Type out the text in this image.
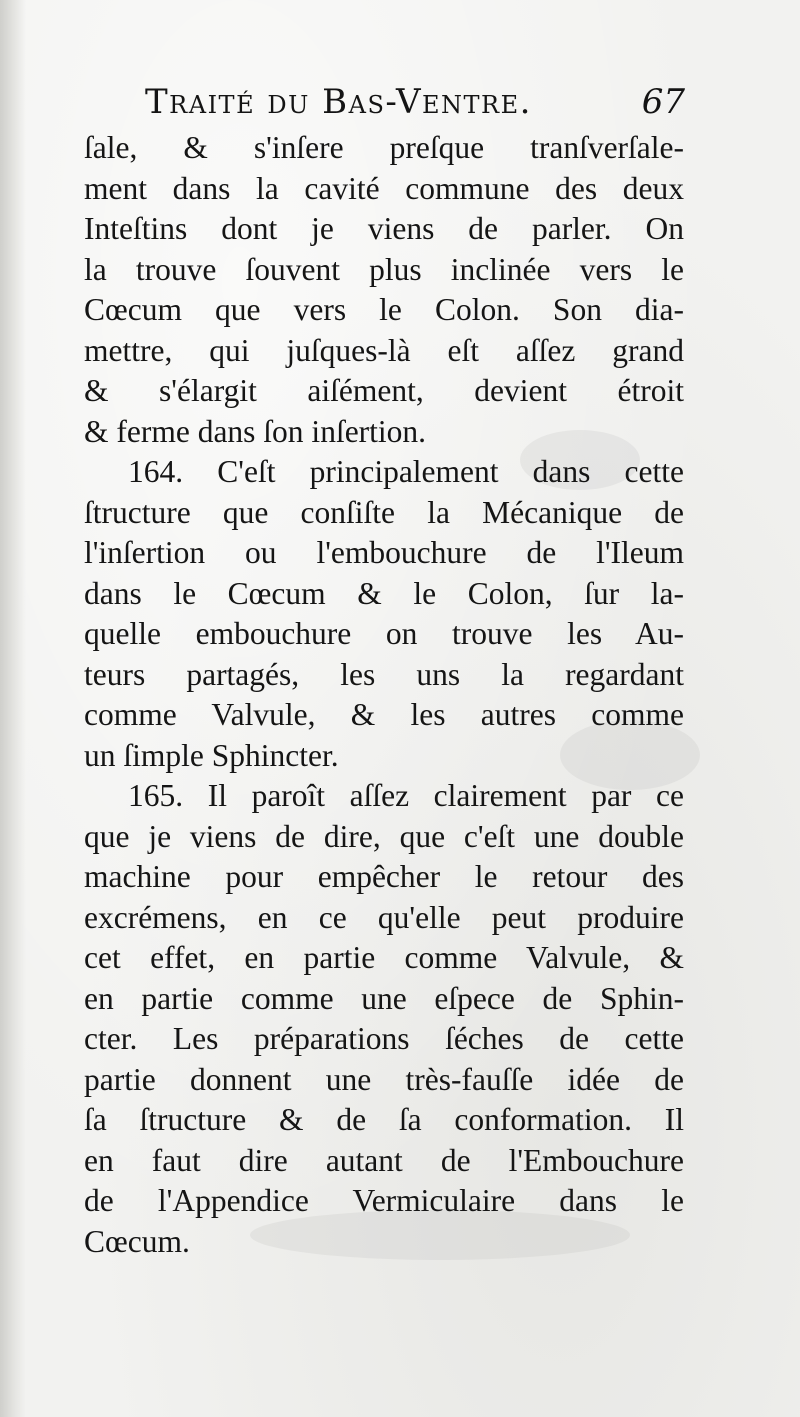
Traité du Bas-Ventre.	67
ſale, & s'inſere preſque tranſverſale-
ment dans la cavité commune des deux
Inteſtins dont je viens de parler. On
la trouve ſouvent plus inclinée vers le
Cœcum que vers le Colon. Son dia-
mettre, qui juſques-là eſt aſſez grand
& s'élargit aiſément, devient étroit
& ferme dans ſon inſertion.
164. C'eſt principalement dans cette
ſtructure que conſiſte la Mécanique de
l'inſertion ou l'embouchure de l'Ileum
dans le Cœcum & le Colon, ſur la-
quelle embouchure on trouve les Au-
teurs partagés, les uns la regardant
comme Valvule, & les autres comme
un ſimple Sphincter.
165. Il paroît aſſez clairement par ce
que je viens de dire, que c'eſt une double
machine pour empêcher le retour des
excrémens, en ce qu'elle peut produire
cet effet, en partie comme Valvule, &
en partie comme une eſpece de Sphin-
cter. Les préparations ſéches de cette
partie donnent une très-fauſſe idée de
ſa ſtructure & de ſa conformation. Il
en faut dire autant de l'Embouchure
de l'Appendice Vermiculaire dans le
Cœcum.
